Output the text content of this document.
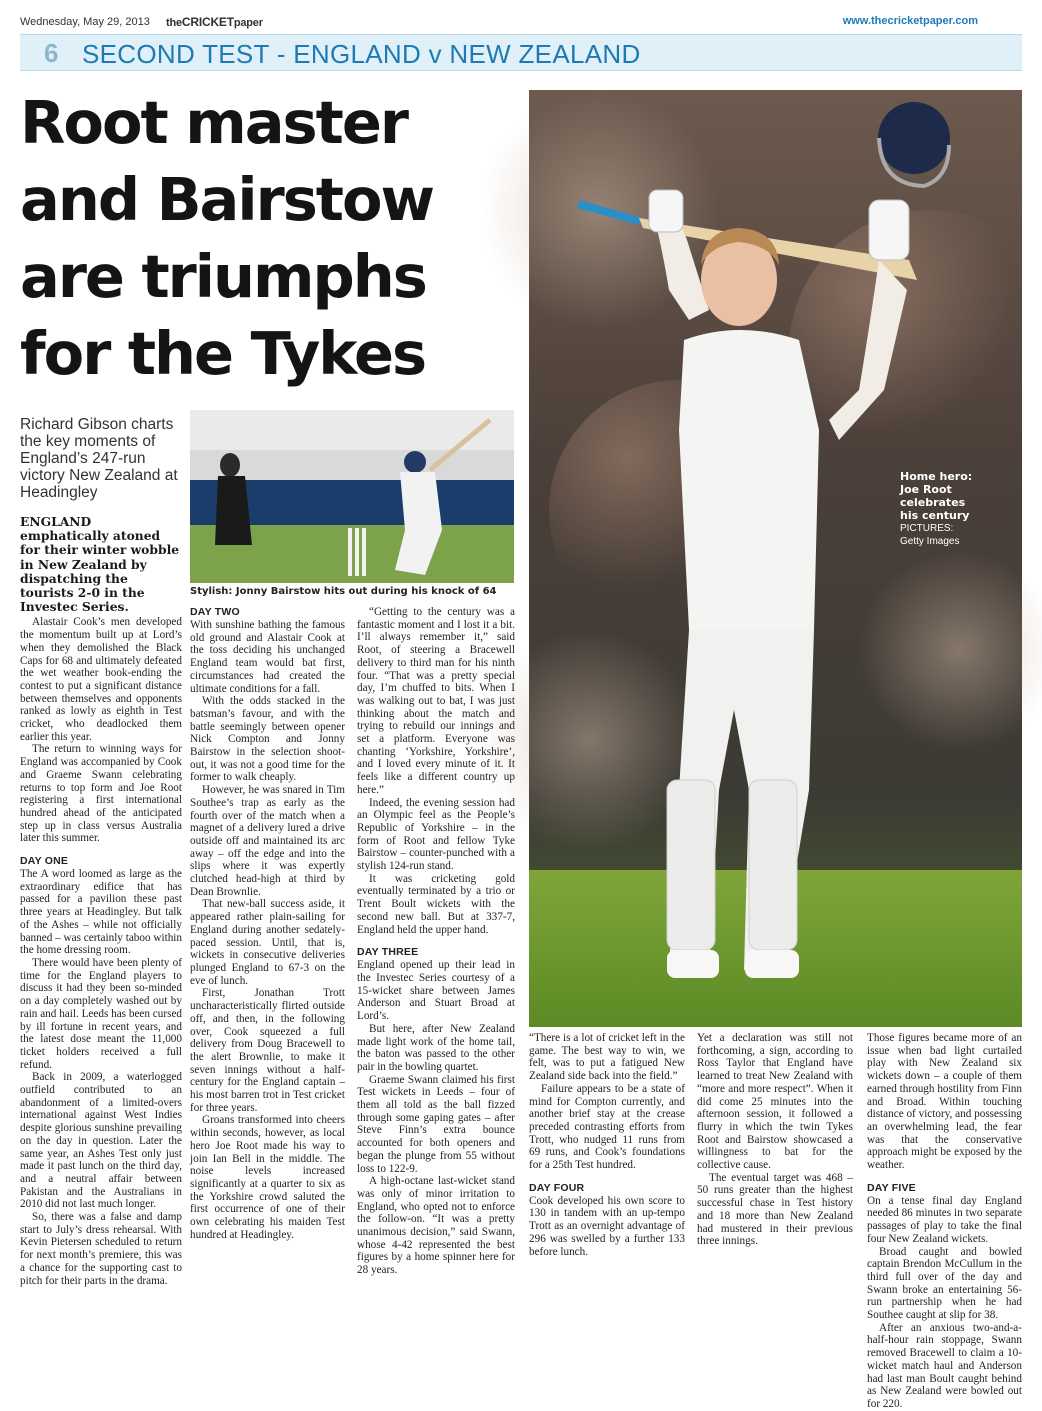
Wednesday, May 29, 2013 theCRICKETpaper	www.thecricketpaper.com
6 SECOND TEST - ENGLAND v NEW ZEALAND
Root master
and Bairstow
are triumphs
for the Tykes
Home hero:
Joe Root
celebrates
his century
PICTURES:
Getty Images
Richard Gibson charts the key moments of England’s 247-run victory New Zealand at Headingley
Stylish: Jonny Bairstow hits out during his knock of 64
ENGLAND emphatically atoned for their winter wobble in New Zealand by dispatching the tourists 2-0 in the Investec Series.

Alastair Cook’s men developed the momentum built up at Lord’s when they demolished the Black Caps for 68 and ultimately defeated the wet weather book-ending the contest to put a significant distance between themselves and opponents ranked as lowly as eighth in Test cricket, who deadlocked them earlier this year.

The return to winning ways for England was accompanied by Cook and Graeme Swann celebrating returns to top form and Joe Root registering a first international hundred ahead of the anticipated step up in class versus Australia later this summer.

DAY ONE

The A word loomed as large as the extraordinary edifice that has passed for a pavilion these past three years at Headingley. But talk of the Ashes – while not officially banned – was certainly taboo within the home dressing room.

There would have been plenty of time for the England players to discuss it had they been so-minded on a day completely washed out by rain and hail. Leeds has been cursed by ill fortune in recent years, and the latest dose meant the 11,000 ticket holders received a full refund.

Back in 2009, a waterlogged outfield contributed to an abandonment of a limited-overs international against West Indies despite glorious sunshine prevailing on the day in question. Later the same year, an Ashes Test only just made it past lunch on the third day, and a neutral affair between Pakistan and the Australians in 2010 did not last much longer.

So, there was a false and damp start to July’s dress rehearsal. With Kevin Pietersen scheduled to return for next month’s premiere, this was a chance for the supporting cast to pitch for their parts in the drama.

DAY TWO

With sunshine bathing the famous old ground and Alastair Cook at the toss deciding his unchanged England team would bat first, circumstances had created the ultimate conditions for a fall.

With the odds stacked in the batsman’s favour, and with the battle seemingly between opener Nick Compton and Jonny Bairstow in the selection shoot-out, it was not a good time for the former to walk cheaply.

However, he was snared in Tim Southee’s trap as early as the fourth over of the match when a magnet of a delivery lured a drive outside off and maintained its arc away – off the edge and into the slips where it was expertly clutched head-high at third by Dean Brownlie.

That new-ball success aside, it appeared rather plain-sailing for England during another sedately-paced session. Until, that is, wickets in consecutive deliveries plunged England to 67-3 on the eve of lunch.

First, Jonathan Trott uncharacteristically flirted outside off, and then, in the following over, Cook squeezed a full delivery from Doug Bracewell to the alert Brownlie, to make it seven innings without a half-century for the England captain – his most barren trot in Test cricket for three years.

Groans transformed into cheers within seconds, however, as local hero Joe Root made his way to join Ian Bell in the middle. The noise levels increased significantly at a quarter to six as the Yorkshire crowd saluted the first occurrence of one of their own celebrating his maiden Test hundred at Headingley.

“Getting to the century was a fantastic moment and I lost it a bit. I’ll always remember it,” said Root, of steering a Bracewell delivery to third man for his ninth four. “That was a pretty special day, I’m chuffed to bits. When I was walking out to bat, I was just thinking about the match and trying to rebuild our innings and set a platform. Everyone was chanting ‘Yorkshire, Yorkshire’, and I loved every minute of it. It feels like a different country up here.”

Indeed, the evening session had an Olympic feel as the People’s Republic of Yorkshire – in the form of Root and fellow Tyke Bairstow – counter-punched with a stylish 124-run stand.

It was cricketing gold eventually terminated by a trio or Trent Boult wickets with the second new ball. But at 337-7, England held the upper hand.

DAY THREE

England opened up their lead in the Investec Series courtesy of a 15-wicket share between James Anderson and Stuart Broad at Lord’s.

But here, after New Zealand made light work of the home tail, the baton was passed to the other pair in the bowling quartet.

Graeme Swann claimed his first Test wickets in Leeds – four of them all told as the ball fizzed through some gaping gates – after Steve Finn’s extra bounce accounted for both openers and began the plunge from 55 without loss to 122-9.

A high-octane last-wicket stand was only of minor irritation to England, who opted not to enforce the follow-on. “It was a pretty unanimous decision,” said Swann, whose 4-42 represented the best figures by a home spinner here for 28 years.

“There is a lot of cricket left in the game. The best way to win, we felt, was to put a fatigued New Zealand side back into the field.”

Failure appears to be a state of mind for Compton currently, and another brief stay at the crease preceded contrasting efforts from Trott, who nudged 11 runs from 69 runs, and Cook’s foundations for a 25th Test hundred.

DAY FOUR

Cook developed his own score to 130 in tandem with an up-tempo Trott as an overnight advantage of 296 was swelled by a further 133 before lunch.

Yet a declaration was still not forthcoming, a sign, according to Ross Taylor that England have learned to treat New Zealand with “more and more respect”. When it did come 25 minutes into the afternoon session, it followed a flurry in which the twin Tykes Root and Bairstow showcased a willingness to bat for the collective cause.

The eventual target was 468 – 50 runs greater than the highest successful chase in Test history and 18 more than New Zealand had mustered in their previous three innings.

Those figures became more of an issue when bad light curtailed play with New Zealand six wickets down – a couple of them earned through hostility from Finn and Broad. Within touching distance of victory, and possessing an overwhelming lead, the fear was that the conservative approach might be exposed by the weather.

DAY FIVE

On a tense final day England needed 86 minutes in two separate passages of play to take the final four New Zealand wickets.

Broad caught and bowled captain Brendon McCullum in the third full over of the day and Swann broke an entertaining 56-run partnership when he had Southee caught at slip for 38.

After an anxious two-and-a-half-hour rain stoppage, Swann removed Bracewell to claim a 10-wicket match haul and Anderson had last man Boult caught behind as New Zealand were bowled out for 220.
